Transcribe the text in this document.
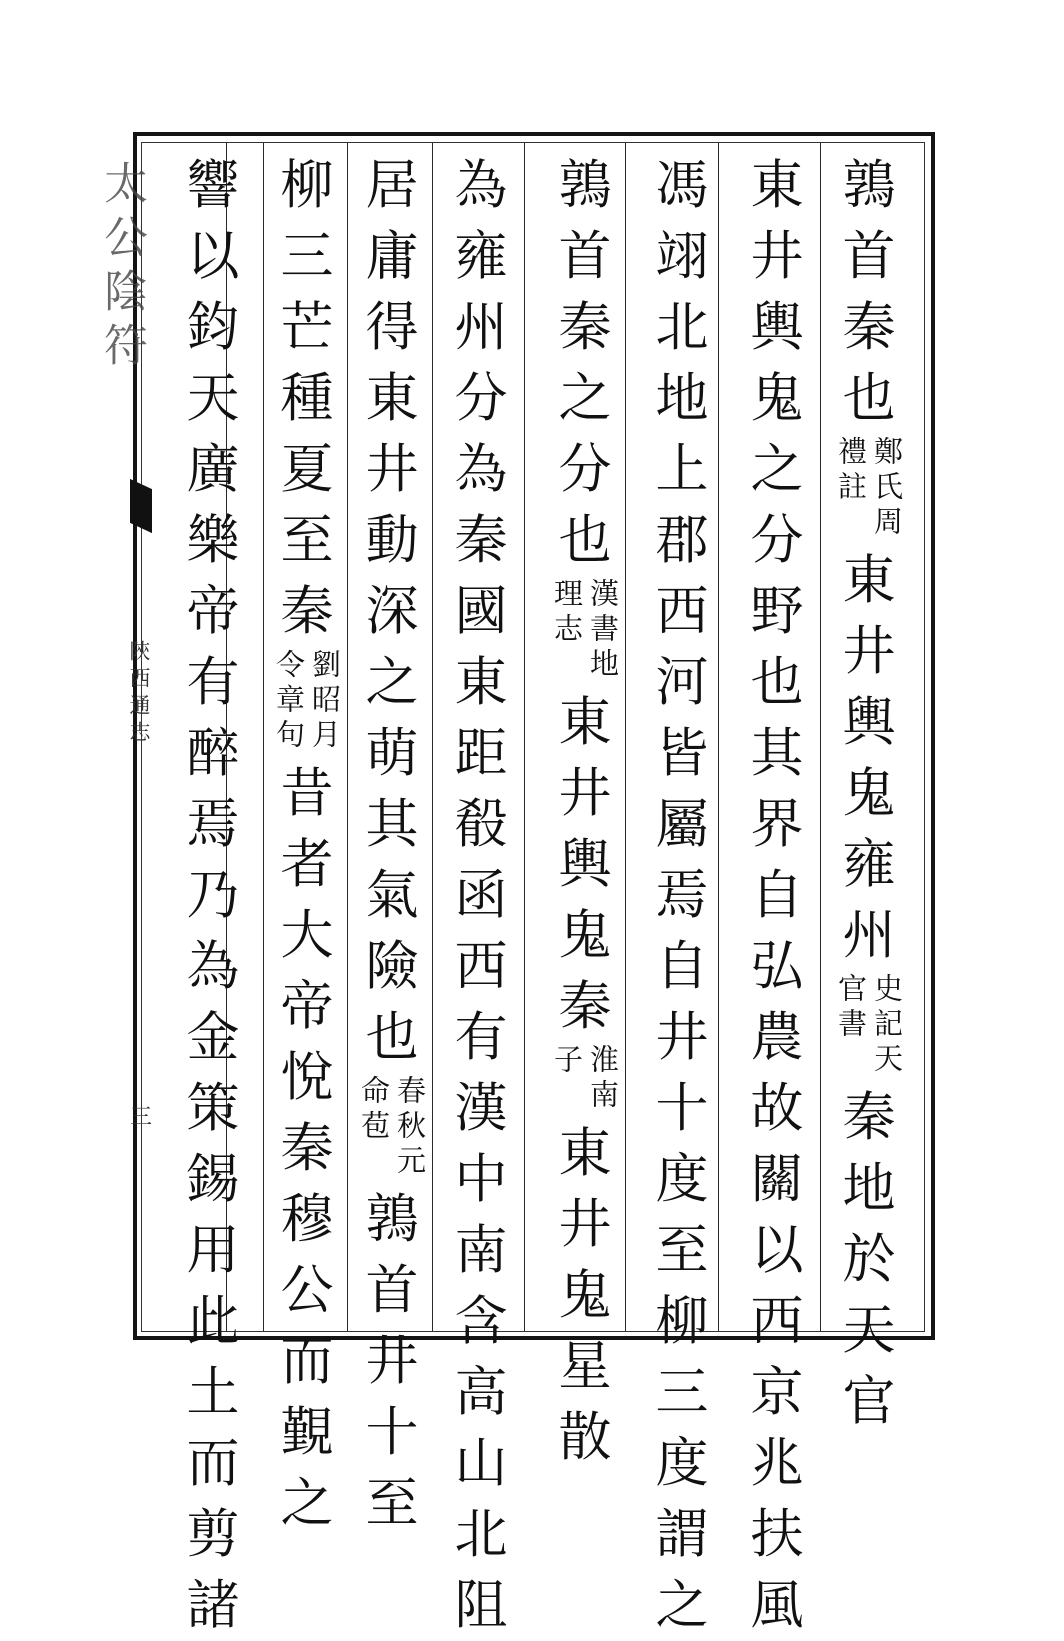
太公陰符
陝西通志
三
鶉
首
秦
也
鄭氏周
禮註
東
井
輿
鬼
雍
州
史記天
官書
秦
地
於
天
官
東
井
輿
鬼
之
分
野
也
其
界
自
弘
農
故
關
以
西
京
兆
扶
風
馮
翊
北
地
上
郡
西
河
皆
屬
焉
自
井
十
度
至
柳
三
度
謂
之
鶉
首
秦
之
分
也
漢書地
理志
東
井
輿
鬼
秦
淮南
子
東
井
鬼
星
散
為
雍
州
分
為
秦
國
東
距
殽
函
西
有
漢
中
南
含
高
山
北
阻
居
庸
得
東
井
動
深
之
萌
其
氣
險
也
春秋元
命苞
鶉
首
井
十
至
柳
三
芒
種
夏
至
秦
劉昭月
令章句
昔
者
大
帝
悅
秦
穆
公
而
覲
之
響
以
鈞
天
廣
樂
帝
有
醉
焉
乃
為
金
策
錫
用
此
土
而
剪
諸
